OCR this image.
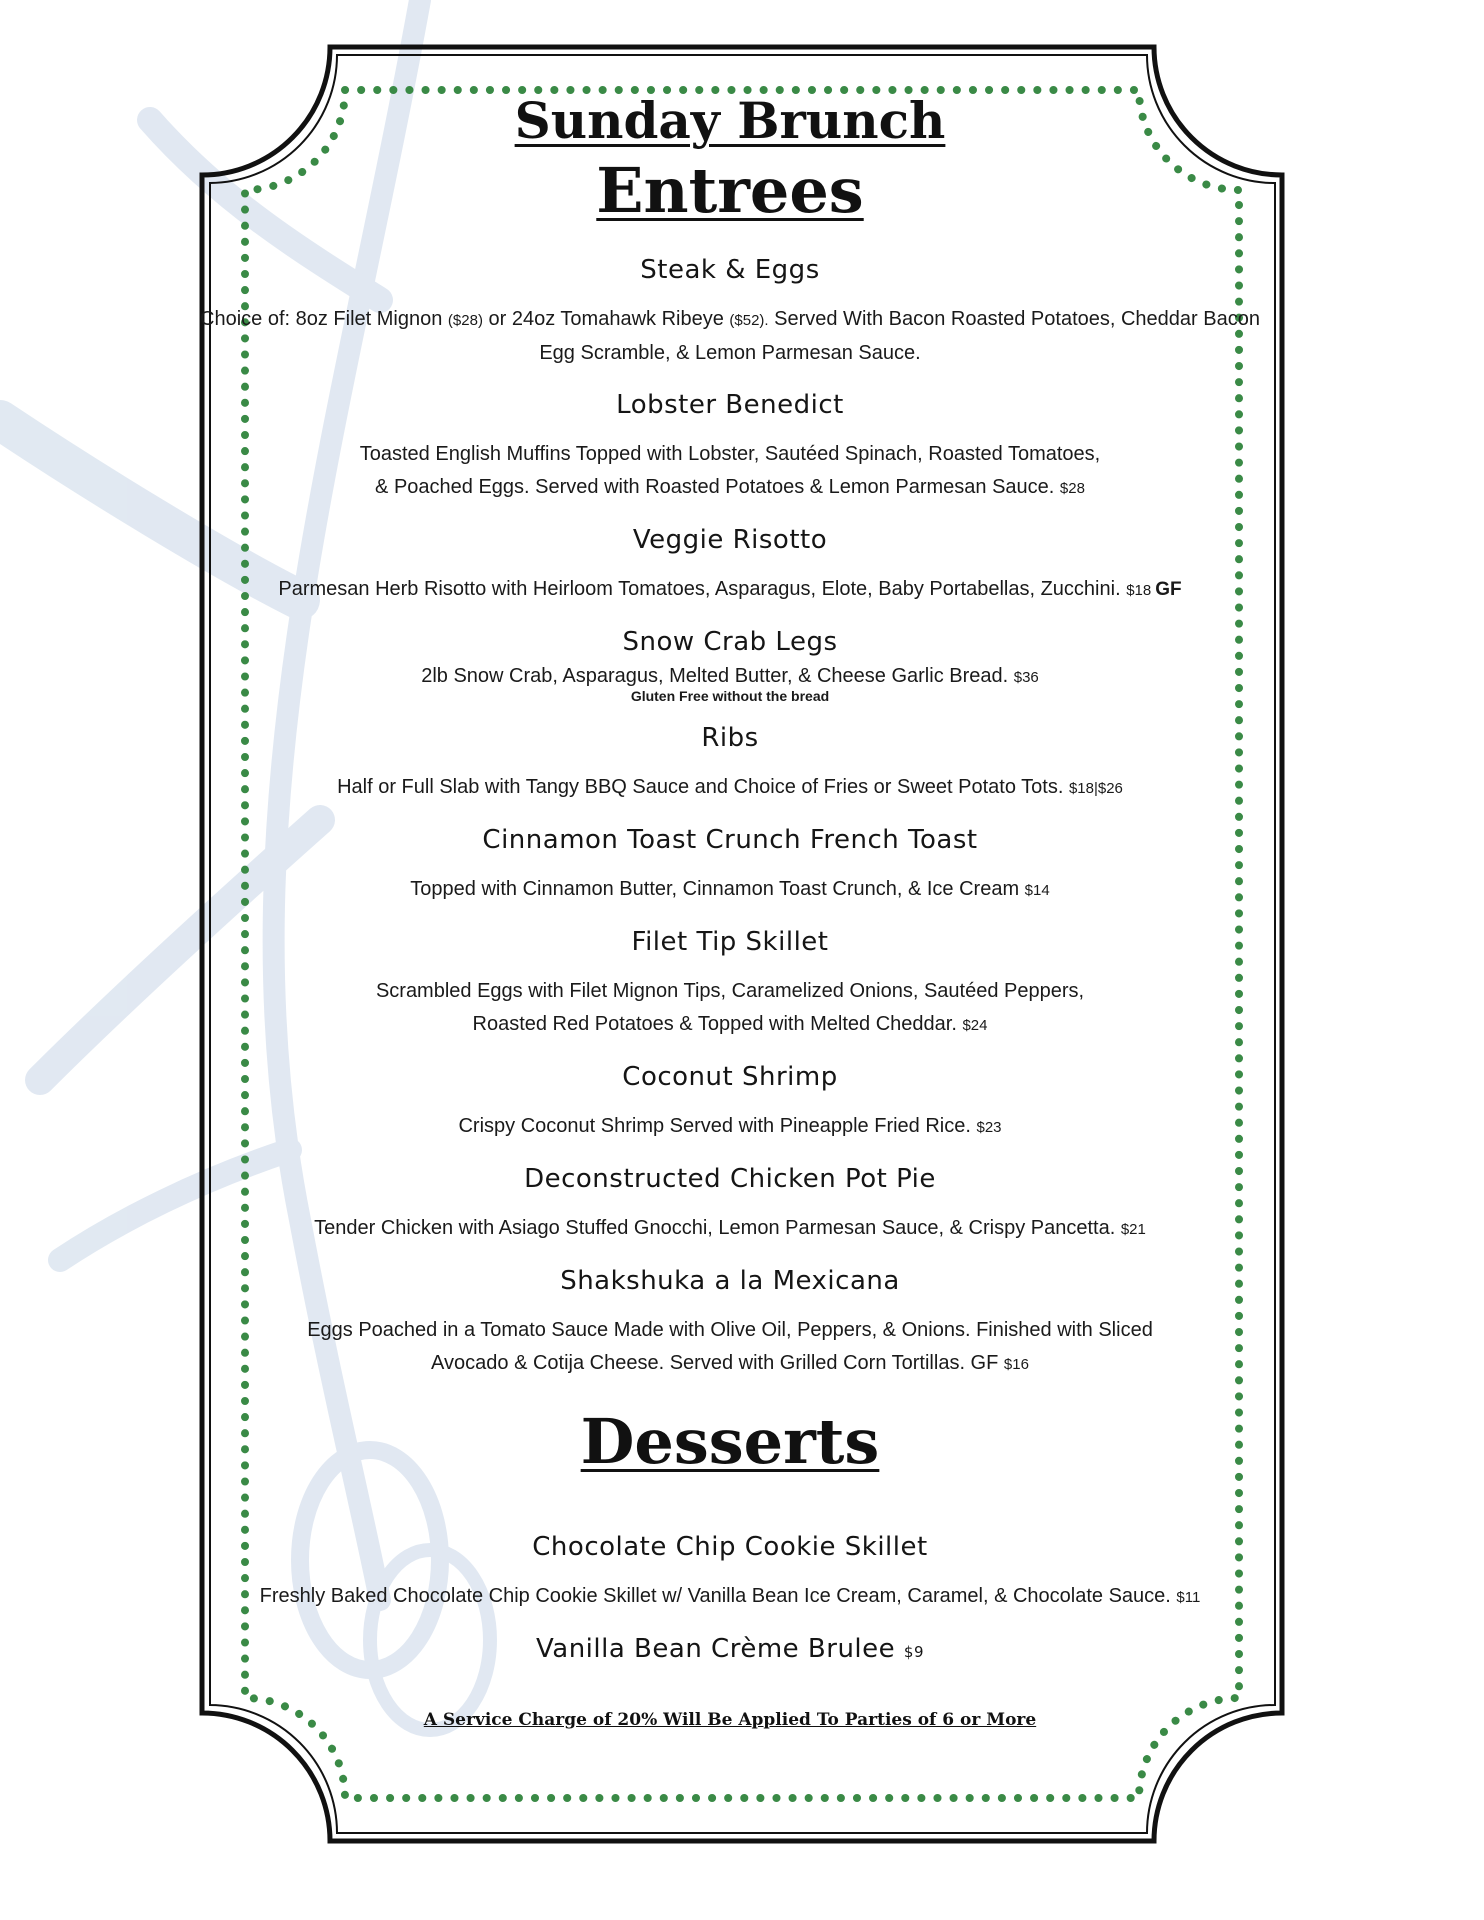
Sunday Brunch
Entrees
Steak & Eggs
Choice of: 8oz Filet Mignon ($28) or 24oz Tomahawk Ribeye ($52). Served With Bacon Roasted Potatoes, Cheddar Bacon Egg Scramble, & Lemon Parmesan Sauce.
Lobster Benedict
Toasted English Muffins Topped with Lobster, Sautéed Spinach, Roasted Tomatoes,
& Poached Eggs. Served with Roasted Potatoes & Lemon Parmesan Sauce. $28
Veggie Risotto
Parmesan Herb Risotto with Heirloom Tomatoes, Asparagus, Elote, Baby Portabellas, Zucchini. $18 GF
Snow Crab Legs
2lb Snow Crab, Asparagus, Melted Butter, & Cheese Garlic Bread. $36
Gluten Free without the bread
Ribs
Half or Full Slab with Tangy BBQ Sauce and Choice of Fries or Sweet Potato Tots. $18|$26
Cinnamon Toast Crunch French Toast
Topped with Cinnamon Butter, Cinnamon Toast Crunch, & Ice Cream $14
Filet Tip Skillet
Scrambled Eggs with Filet Mignon Tips, Caramelized Onions, Sautéed Peppers,
Roasted Red Potatoes & Topped with Melted Cheddar. $24
Coconut Shrimp
Crispy Coconut Shrimp Served with Pineapple Fried Rice. $23
Deconstructed Chicken Pot Pie
Tender Chicken with Asiago Stuffed Gnocchi, Lemon Parmesan Sauce, & Crispy Pancetta. $21
Shakshuka a la Mexicana
Eggs Poached in a Tomato Sauce Made with Olive Oil, Peppers, & Onions. Finished with Sliced
Avocado & Cotija Cheese. Served with Grilled Corn Tortillas. GF $16
Desserts
Chocolate Chip Cookie Skillet
Freshly Baked Chocolate Chip Cookie Skillet w/ Vanilla Bean Ice Cream, Caramel, & Chocolate Sauce. $11
Vanilla Bean Crème Brulee $9
A Service Charge of 20% Will Be Applied To Parties of 6 or More
